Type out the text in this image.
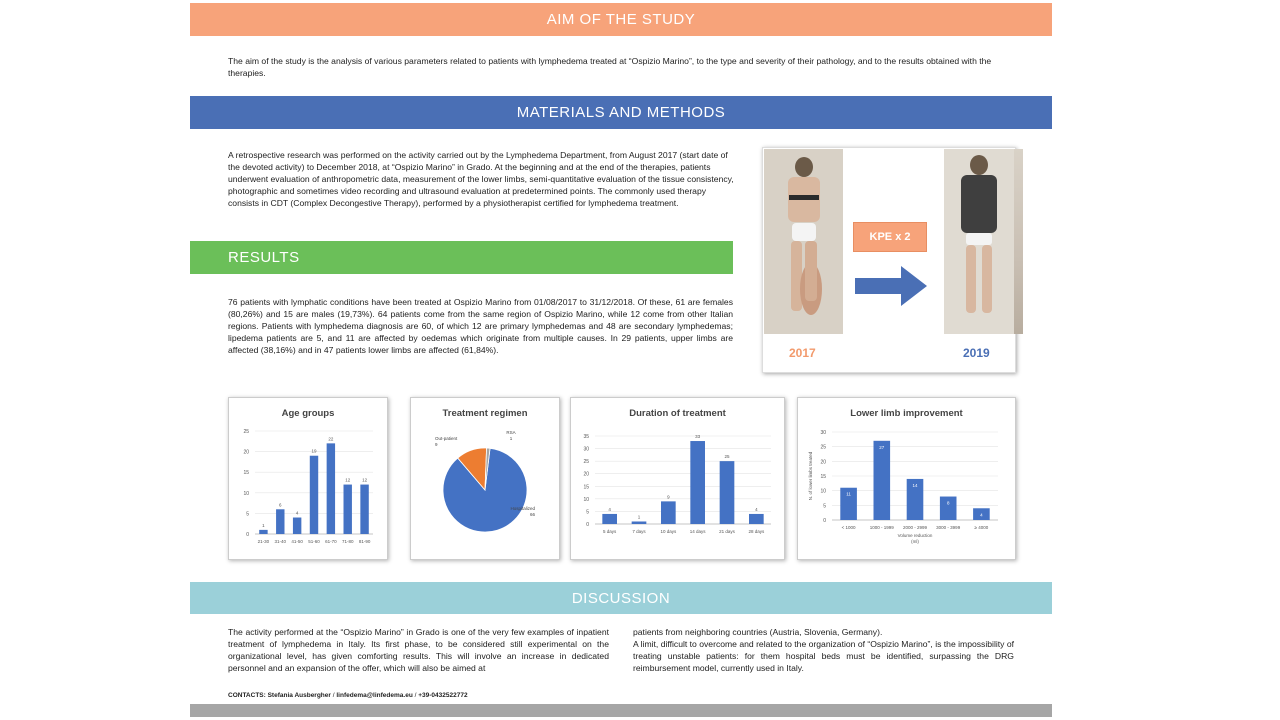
AIM OF THE STUDY
The aim of the study is the analysis of various parameters related to patients with lymphedema treated at “Ospizio Marino”, to the type and severity of their pathology, and to the results obtained with the therapies.
MATERIALS AND METHODS
A retrospective research was performed on the activity carried out by the Lymphedema Department, from August 2017 (start date of the devoted activity) to December 2018, at “Ospizio Marino” in Grado. At the beginning and at the end of the therapies, patients underwent evaluation of anthropometric data, measurement of the lower limbs, semi-quantitative evaluation of the tissue consistency, photographic and sometimes video recording and ultrasound evaluation at predetermined points. The commonly used therapy consists in CDT (Complex Decongestive Therapy), performed by a physiotherapist certified for lymphedema treatment.
KPE x 2
2017	2019
RESULTS
76 patients with lymphatic conditions have been treated at Ospizio Marino from 01/08/2017 to 31/12/2018. Of these, 61 are females (80,26%) and 15 are males (19,73%). 64 patients come from the same region of Ospizio Marino, while 12 come from other Italian regions. Patients with lymphedema diagnosis are 60, of which 12 are primary lymphedemas and 48 are secondary lymphedemas; lipedema patients are 5, and 11 are affected by oedemas which originate from multiple causes. In 29 patients, upper limbs are affected (38,16%) and in 47 patients lower limbs are affected (61,84%).
Age groups
0
5
10
15
20
25
1
21-30
6
31-40
4
41-50
19
51-60
22
61-70
12
71-80
12
81-90
Treatment regimen
Hospitalized
66
Out-patient
9
RSA
1
Duration of treatment
0
5
10
15
20
25
30
35
4
5 days
1
7 days
9
10 days
33
14 days
25
21 days
4
28 days
Lower limb improvement
0
5
10
15
20
25
30
11
< 1000
27
1000 - 1999
14
2000 - 2999
8
3000 - 3999
4
≥ 4000
Volume reduction
(ml)
N. of lower limbs treated
DISCUSSION
The activity performed at the “Ospizio Marino” in Grado is one of the very few examples of inpatient treatment of lymphedema in Italy. Its first phase, to be considered still experimental on the organizational level, has given comforting results. This will involve an increase in dedicated personnel and an expansion of the offer, which will also be aimed at
patients from neighboring countries (Austria, Slovenia, Germany).
A limit, difficult to overcome and related to the organization of “Ospizio Marino”, is the impossibility of treating unstable patients: for them hospital beds must be identified, surpassing the DRG reimbursement model, currently used in Italy.
CONTACTS: Stefania Ausbergher / linfedema@linfedema.eu / +39-0432522772
